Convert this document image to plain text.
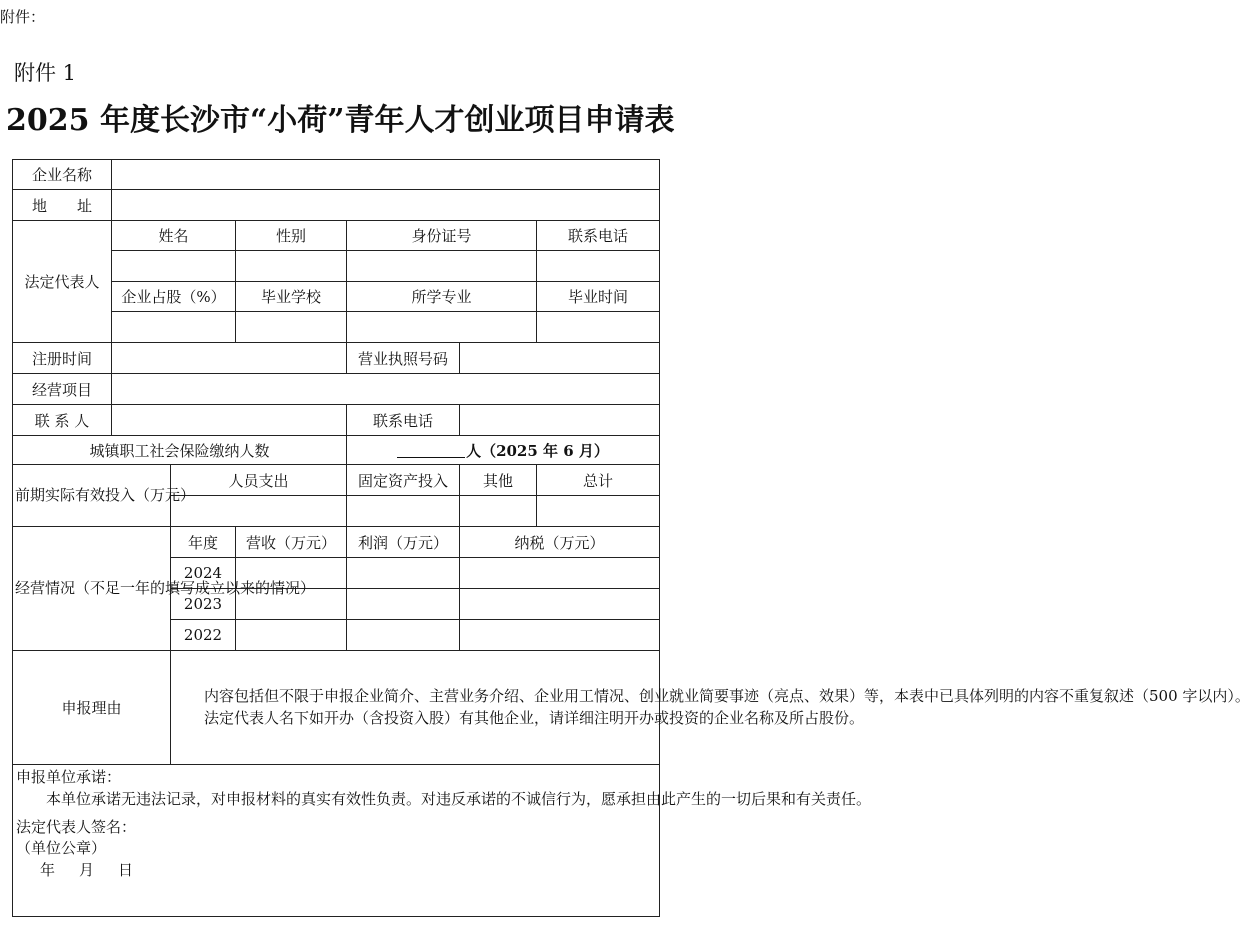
附件：
附件 1
2025 年度长沙市“小荷”青年人才创业项目申请表
企业名称						
地　　址						
法定代表人	姓名		性别	身份证号		联系电话

	企业占股（%）		毕业学校	所学专业		毕业时间

注册时间				营业执照号码		
经营项目						
联 系 人				联系电话		
城镇职工社会保险缴纳人数				人（2025 年 6 月）		
前期实际有效投入（万元）		人员支出		固定资产投入	其他	总计

经营情况（不足一年的填写成立以来的情况）		年度	营收（万元）	利润（万元）	纳税（万元）	
		2024				
		2023				
		2022				
申报理由		内容包括但不限于申报企业简介、主营业务介绍、企业用工情况、创业就业简要事迹（亮点、效果）等，本表中已具体列明的内容不重复叙述（500 字以内）。

法定代表人名下如开办（含投资入股）有其他企业，请详细注明开办或投资的企业名称及所占股份。				

申报单位承诺：

本单位承诺无违法记录，对申报材料的真实有效性负责。对违反承诺的不诚信行为，愿承担由此产生的一切后果和有关责任。

法定代表人签名：

（单位公章）

年 月 日						
